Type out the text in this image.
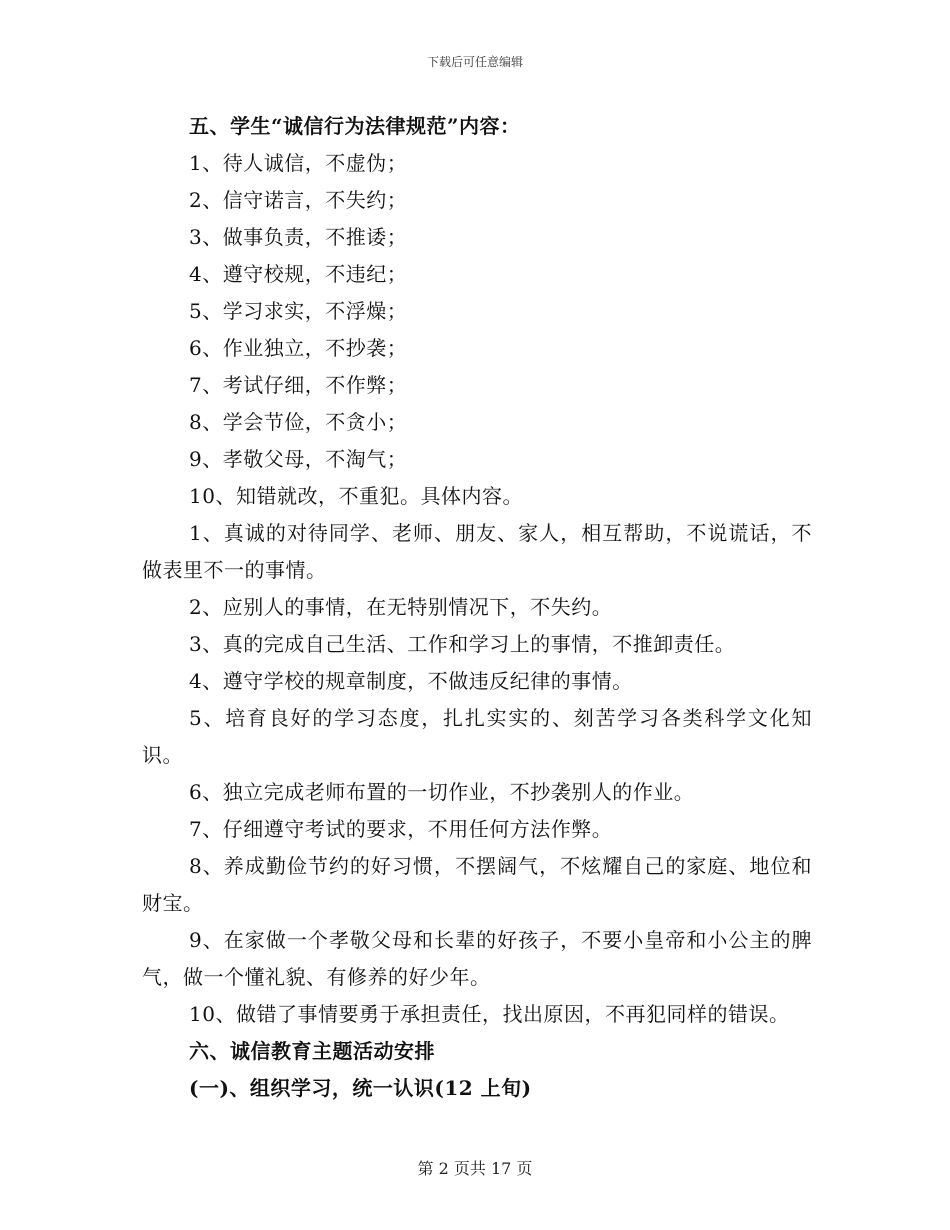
下载后可任意编辑
五、学生“诚信行为法律规范”内容：
1、待人诚信，不虚伪；
2、信守诺言，不失约；
3、做事负责，不推诿；
4、遵守校规，不违纪；
5、学习求实，不浮燥；
6、作业独立，不抄袭；
7、考试仔细，不作弊；
8、学会节俭，不贪小；
9、孝敬父母，不淘气；
10、知错就改，不重犯。具体内容。
1、真诚的对待同学、老师、朋友、家人，相互帮助，不说谎话，不做表里不一的事情。
2、应别人的事情，在无特别情况下，不失约。
3、真的完成自己生活、工作和学习上的事情，不推卸责任。
4、遵守学校的规章制度，不做违反纪律的事情。
5、培育良好的学习态度，扎扎实实的、刻苦学习各类科学文化知识。
6、独立完成老师布置的一切作业，不抄袭别人的作业。
7、仔细遵守考试的要求，不用任何方法作弊。
8、养成勤俭节约的好习惯，不摆阔气，不炫耀自己的家庭、地位和财宝。
9、在家做一个孝敬父母和长辈的好孩子，不要小皇帝和小公主的脾气，做一个懂礼貌、有修养的好少年。
10、做错了事情要勇于承担责任，找出原因，不再犯同样的错误。
六、诚信教育主题活动安排
(一)、组织学习，统一认识(12 上旬)
第 2 页共 17 页
